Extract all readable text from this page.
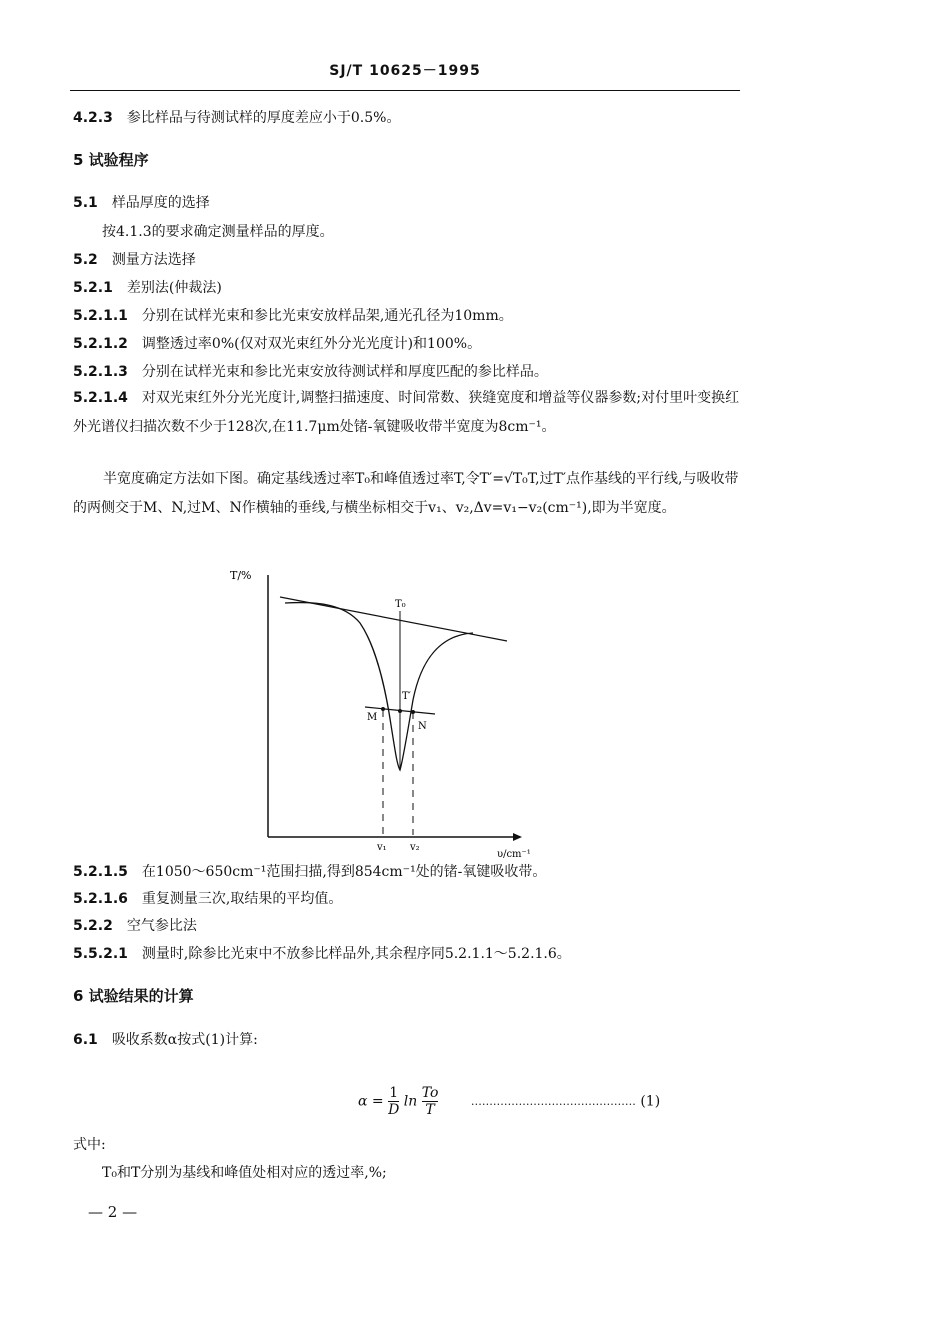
SJ/T 10625－1995
4.2.3 参比样品与待测试样的厚度差应小于0.5%。
5 试验程序
5.1 样品厚度的选择
按4.1.3的要求确定测量样品的厚度。
5.2 测量方法选择
5.2.1 差别法(仲裁法)
5.2.1.1 分别在试样光束和参比光束安放样品架,通光孔径为10mm。
5.2.1.2 调整透过率0%(仅对双光束红外分光光度计)和100%。
5.2.1.3 分别在试样光束和参比光束安放待测试样和厚度匹配的参比样品。
5.2.1.4 对双光束红外分光光度计,调整扫描速度、时间常数、狭缝宽度和增益等仪器参数;对付里叶变换红外光谱仪扫描次数不少于128次,在11.7μm处锗-氧键吸收带半宽度为8cm⁻¹。
半宽度确定方法如下图。确定基线透过率T₀和峰值透过率T,令T′=√T₀T,过T′点作基线的平行线,与吸收带的两侧交于M、N,过M、N作横轴的垂线,与横坐标相交于v₁、v₂,Δv=v₁−v₂(cm⁻¹),即为半宽度。
T/%
υ/cm⁻¹
T₀
T′
M
N
v₁ v₂
5.2.1.5 在1050～650cm⁻¹范围扫描,得到854cm⁻¹处的锗-氧键吸收带。
5.2.1.6 重复测量三次,取结果的平均值。
5.2.2 空气参比法
5.5.2.1 测量时,除参比光束中不放参比样品外,其余程序同5.2.1.1～5.2.1.6。
6 试验结果的计算
6.1 吸收系数α按式(1)计算:
$\alpha = \frac{1}{D}$ $\ln \frac{To}{T}$	……………………………………… (1)
式中:
T₀和T分别为基线和峰值处相对应的透过率,%;
— 2 —
